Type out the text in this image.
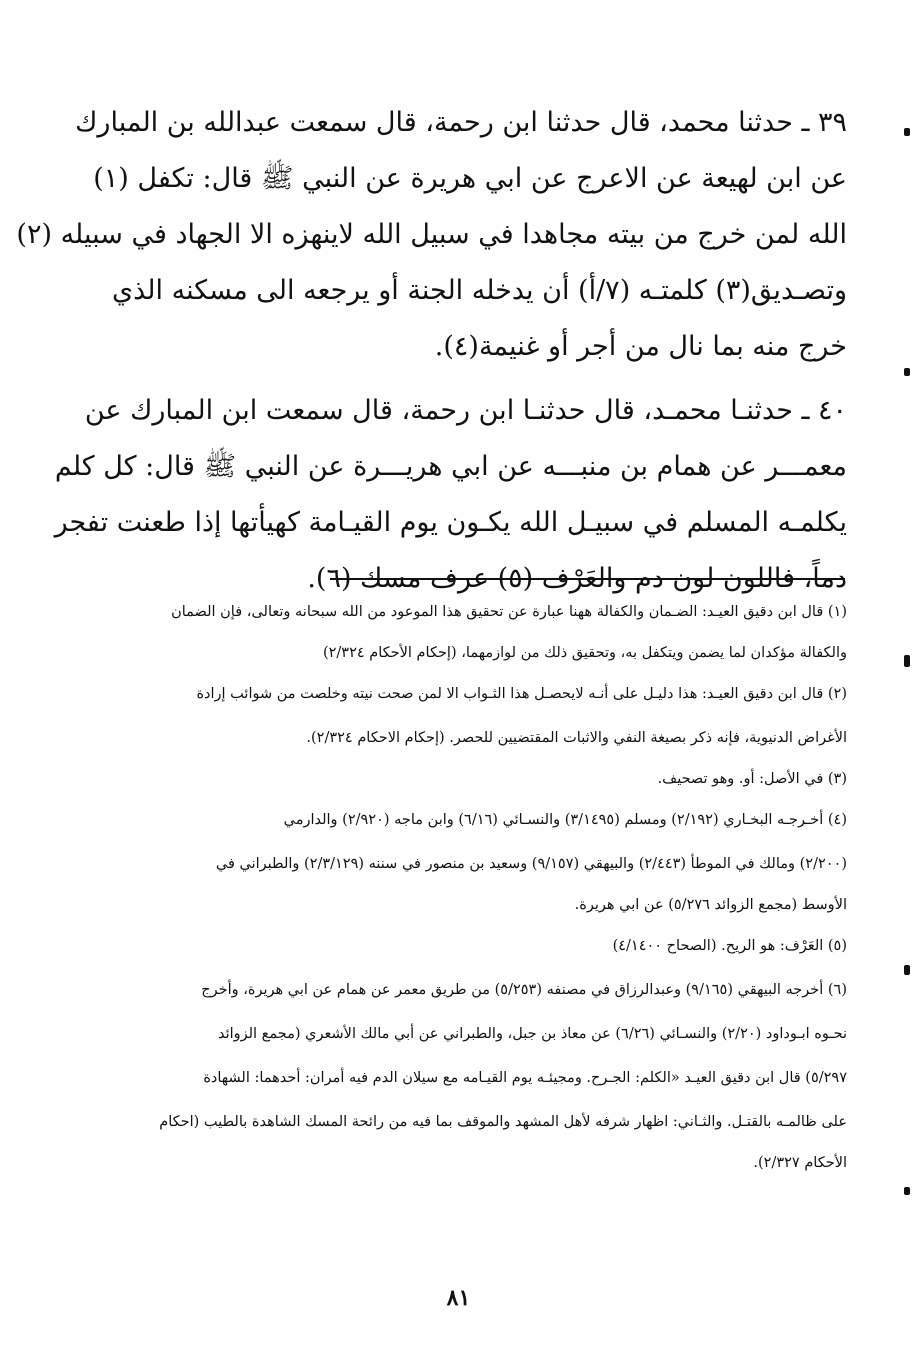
٣٩ ـ حدثنا محمد، قال حدثنا ابن رحمة، قال سمعت عبدالله بن المبارك
عن ابن لهيعة عن الاعرج عن ابي هريرة عن النبي ﷺ قال: تكفل (١)
الله لمن خرج من بيته مجاهدا في سبيل الله لاينهزه الا الجهاد في سبيله (٢)
وتصـديق(٣) كلمتـه (٧/أ) أن يدخله الجنة أو يرجعه الى مسكنه الذي
خرج منه بما نال من أجر أو غنيمة(٤).
٤٠ ـ حدثنـا محمـد، قال حدثنـا ابن رحمة، قال سمعت ابن المبارك عن
معمـــر عن همام بن منبـــه عن ابي هريـــرة عن النبي ﷺ قال: كل كلم
يكلمـه المسلم في سبيـل الله يكـون يوم القيـامة كهيأتها إذا طعنت تفجر
دماً، فاللون لون دم والعَرْف (٥) عرف مسك (٦).
(١) قال ابن دقيق العيـد: الضـمان والكفالة ههنا عبارة عن تحقيق هذا الموعود من الله سبحانه وتعالى، فإن الضمان
والكفالة مؤكدان لما يضمن ويتكفل به، وتحقيق ذلك من لوازمهما، (إحكام الأحكام ٢/٣٢٤)
(٢) قال ابن دقيق العيـد: هذا دليـل على أنـه لايحصـل هذا الثـواب الا لمن صحت نيته وخلصت من شوائب إرادة
الأغراض الدنيوية، فإنه ذكر بصيغة النفي والاثبات المقتضيين للحصر. (إحكام الاحكام ٢/٣٢٤).
(٣) في الأصل: أو. وهو تصحيف.
(٤) أخـرجـه البخـاري (٢/١٩٢) ومسلم (٣/١٤٩٥) والنسـائي (٦/١٦) وابن ماجه (٢/٩٢٠) والدارمي
(٢/٢٠٠) ومالك في الموطأ (٢/٤٤٣) والبيهقي (٩/١٥٧) وسعيد بن منصور في سننه (٢/٣/١٢٩) والطبراني في
الأوسط (مجمع الزوائد ٥/٢٧٦) عن ابي هريرة.
(٥) العَرْف: هو الريح. (الصحاح ٤/١٤٠٠)
(٦) أخرجه البيهقي (٩/١٦٥) وعبدالرزاق في مصنفه (٥/٢٥٣) من طريق معمر عن همام عن ابي هريرة، وأخرج
نحـوه ابـوداود (٢/٢٠) والنسـائي (٦/٢٦) عن معاذ بن جبل، والطبراني عن أبي مالك الأشعري (مجمع الزوائد
٥/٢٩٧) قال ابن دقيق العيـد «الكلم: الجـرح. ومجيئـه يوم القيـامه مع سيلان الدم فيه أمران: أحدهما: الشهادة
على ظالمـه بالقتـل. والثـاني: اظهار شرفه لأهل المشهد والموقف بما فيه من رائحة المسك الشاهدة بالطيب (احكام
الأحكام ٢/٣٢٧).
٨١
